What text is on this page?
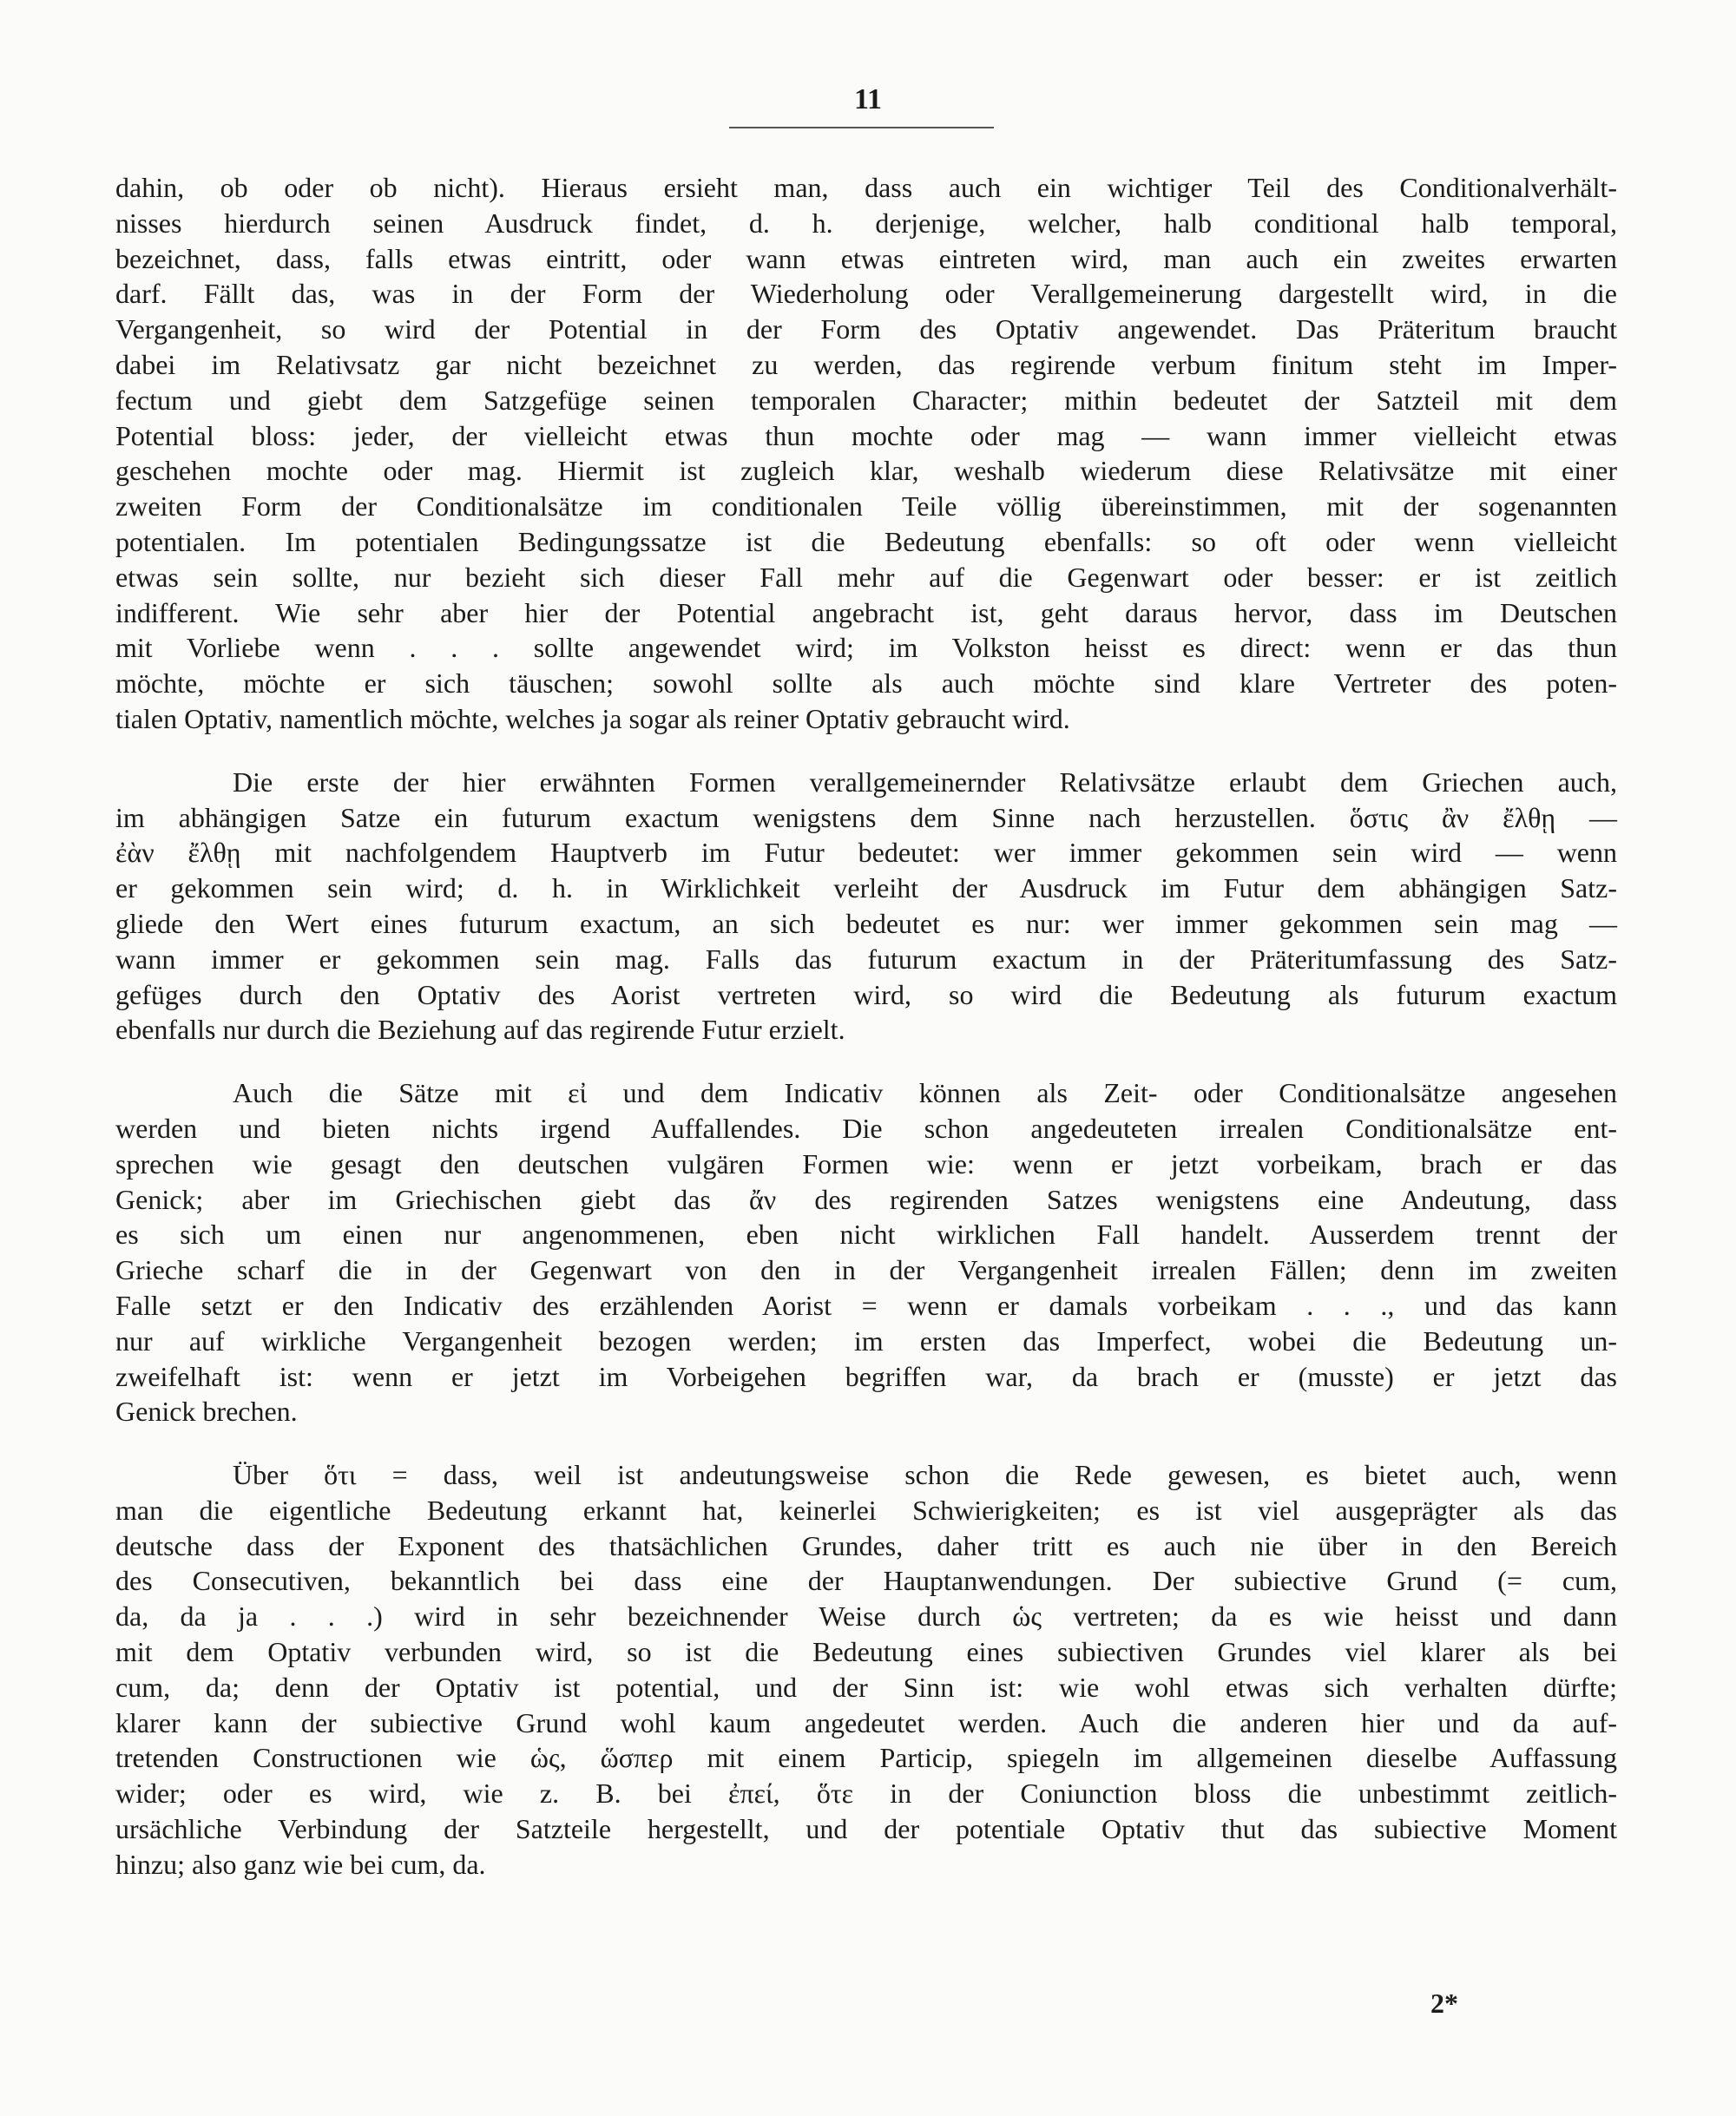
11
dahin, ob oder ob nicht). Hieraus ersieht man, dass auch ein wichtiger Teil des Conditionalverhält-
nisses hierdurch seinen Ausdruck findet, d. h. derjenige, welcher, halb conditional halb temporal,
bezeichnet, dass, falls etwas eintritt, oder wann etwas eintreten wird, man auch ein zweites erwarten
darf. Fällt das, was in der Form der Wiederholung oder Verallgemeinerung dargestellt wird, in die
Vergangenheit, so wird der Potential in der Form des Optativ angewendet. Das Präteritum braucht
dabei im Relativsatz gar nicht bezeichnet zu werden, das regirende verbum finitum steht im Imper-
fectum und giebt dem Satzgefüge seinen temporalen Character; mithin bedeutet der Satzteil mit dem
Potential bloss: jeder, der vielleicht etwas thun mochte oder mag — wann immer vielleicht etwas
geschehen mochte oder mag. Hiermit ist zugleich klar, weshalb wiederum diese Relativsätze mit einer
zweiten Form der Conditionalsätze im conditionalen Teile völlig übereinstimmen, mit der sogenannten
potentialen. Im potentialen Bedingungssatze ist die Bedeutung ebenfalls: so oft oder wenn vielleicht
etwas sein sollte, nur bezieht sich dieser Fall mehr auf die Gegenwart oder besser: er ist zeitlich
indifferent. Wie sehr aber hier der Potential angebracht ist, geht daraus hervor, dass im Deutschen
mit Vorliebe wenn . . . sollte angewendet wird; im Volkston heisst es direct: wenn er das thun
möchte, möchte er sich täuschen; sowohl sollte als auch möchte sind klare Vertreter des poten-
tialen Optativ, namentlich möchte, welches ja sogar als reiner Optativ gebraucht wird.
Die erste der hier erwähnten Formen verallgemeinernder Relativsätze erlaubt dem Griechen auch,
im abhängigen Satze ein futurum exactum wenigstens dem Sinne nach herzustellen. ὅστις ἂν ἔλθῃ —
ἐὰν ἔλθῃ mit nachfolgendem Hauptverb im Futur bedeutet: wer immer gekommen sein wird — wenn
er gekommen sein wird; d. h. in Wirklichkeit verleiht der Ausdruck im Futur dem abhängigen Satz-
gliede den Wert eines futurum exactum, an sich bedeutet es nur: wer immer gekommen sein mag —
wann immer er gekommen sein mag. Falls das futurum exactum in der Präteritumfassung des Satz-
gefüges durch den Optativ des Aorist vertreten wird, so wird die Bedeutung als futurum exactum
ebenfalls nur durch die Beziehung auf das regirende Futur erzielt.
Auch die Sätze mit εἰ und dem Indicativ können als Zeit- oder Conditionalsätze angesehen
werden und bieten nichts irgend Auffallendes. Die schon angedeuteten irrealen Conditionalsätze ent-
sprechen wie gesagt den deutschen vulgären Formen wie: wenn er jetzt vorbeikam, brach er das
Genick; aber im Griechischen giebt das ἄν des regirenden Satzes wenigstens eine Andeutung, dass
es sich um einen nur angenommenen, eben nicht wirklichen Fall handelt. Ausserdem trennt der
Grieche scharf die in der Gegenwart von den in der Vergangenheit irrealen Fällen; denn im zweiten
Falle setzt er den Indicativ des erzählenden Aorist = wenn er damals vorbeikam . . ., und das kann
nur auf wirkliche Vergangenheit bezogen werden; im ersten das Imperfect, wobei die Bedeutung un-
zweifelhaft ist: wenn er jetzt im Vorbeigehen begriffen war, da brach er (musste) er jetzt das
Genick brechen.
Über ὅτι = dass, weil ist andeutungsweise schon die Rede gewesen, es bietet auch, wenn
man die eigentliche Bedeutung erkannt hat, keinerlei Schwierigkeiten; es ist viel ausgeprägter als das
deutsche dass der Exponent des thatsächlichen Grundes, daher tritt es auch nie über in den Bereich
des Consecutiven, bekanntlich bei dass eine der Hauptanwendungen. Der subiective Grund (= cum,
da, da ja . . .) wird in sehr bezeichnender Weise durch ὡς vertreten; da es wie heisst und dann
mit dem Optativ verbunden wird, so ist die Bedeutung eines subiectiven Grundes viel klarer als bei
cum, da; denn der Optativ ist potential, und der Sinn ist: wie wohl etwas sich verhalten dürfte;
klarer kann der subiective Grund wohl kaum angedeutet werden. Auch die anderen hier und da auf-
tretenden Constructionen wie ὡς, ὥσπερ mit einem Particip, spiegeln im allgemeinen dieselbe Auffassung
wider; oder es wird, wie z. B. bei ἐπεί, ὅτε in der Coniunction bloss die unbestimmt zeitlich-
ursächliche Verbindung der Satzteile hergestellt, und der potentiale Optativ thut das subiective Moment
hinzu; also ganz wie bei cum, da.
2*
